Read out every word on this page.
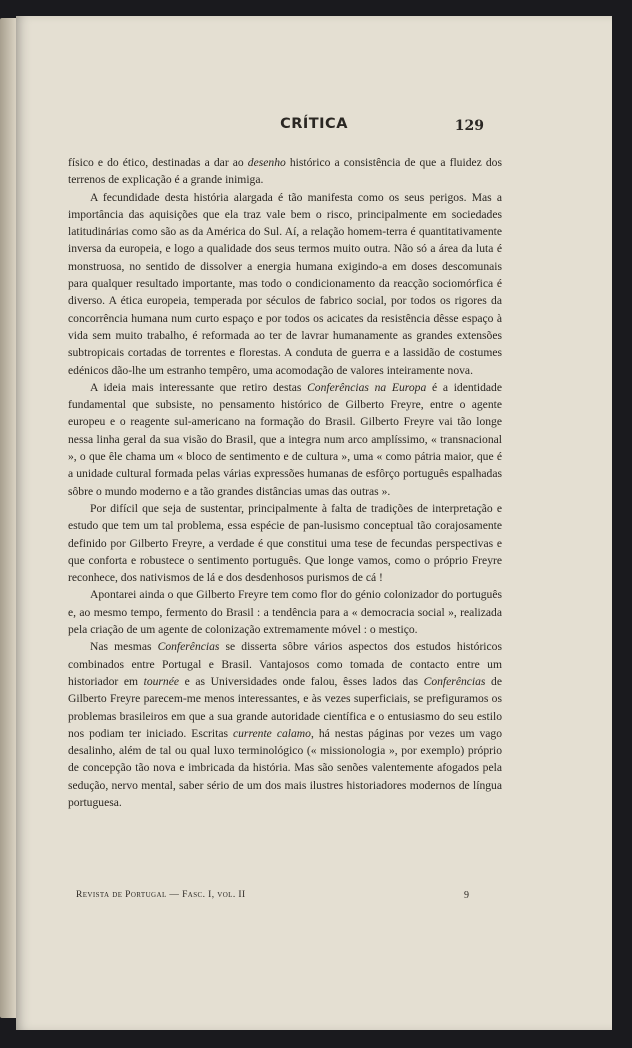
CRÍTICA	129

físico e do ético, destinadas a dar ao desenho histórico a consistência de que a fluidez dos terrenos de explicação é a grande inimiga.

A fecundidade desta história alargada é tão manifesta como os seus perigos. Mas a importância das aquisições que ela traz vale bem o risco, principalmente em sociedades latitudinárias como são as da América do Sul. Aí, a relação homem-terra é quantitativamente inversa da europeia, e logo a qualidade dos seus termos muito outra. Não só a área da luta é monstruosa, no sentido de dissolver a energia humana exigindo-a em doses descomunais para qualquer resultado importante, mas todo o condicionamento da reacção sociomórfica é diverso. A ética europeia, temperada por séculos de fabrico social, por todos os rigores da concorrência humana num curto espaço e por todos os acicates da resistência dêsse espaço à vida sem muito trabalho, é reformada ao ter de lavrar humanamente as grandes extensões subtropicais cortadas de torrentes e florestas. A conduta de guerra e a lassidão de costumes edénicos dão-lhe um estranho tempêro, uma acomodação de valores inteiramente nova.

A ideia mais interessante que retiro destas Conferências na Europa é a identidade fundamental que subsiste, no pensamento histórico de Gilberto Freyre, entre o agente europeu e o reagente sul-americano na formação do Brasil. Gilberto Freyre vai tão longe nessa linha geral da sua visão do Brasil, que a integra num arco amplíssimo, « transnacional », o que êle chama um « bloco de sentimento e de cultura », uma « como pátria maior, que é a unidade cultural formada pelas várias expressões humanas de esfôrço português espalhadas sôbre o mundo moderno e a tão grandes distâncias umas das outras ».

Por difícil que seja de sustentar, principalmente à falta de tradições de interpretação e estudo que tem um tal problema, essa espécie de pan-lusismo conceptual tão corajosamente definido por Gilberto Freyre, a verdade é que constitui uma tese de fecundas perspectivas e que conforta e robustece o sentimento português. Que longe vamos, como o próprio Freyre reconhece, dos nativismos de lá e dos desdenhosos purismos de cá !

Apontarei ainda o que Gilberto Freyre tem como flor do génio colonizador do português e, ao mesmo tempo, fermento do Brasil : a tendência para a « democracia social », realizada pela criação de um agente de colonização extremamente móvel : o mestiço.

Nas mesmas Conferências se disserta sôbre vários aspectos dos estudos históricos combinados entre Portugal e Brasil. Vantajosos como tomada de contacto entre um historiador em tournée e as Universidades onde falou, êsses lados das Conferências de Gilberto Freyre parecem-me menos interessantes, e às vezes superficiais, se prefiguramos os problemas brasileiros em que a sua grande autoridade científica e o entusiasmo do seu estilo nos podiam ter iniciado. Escritas currente calamo, há nestas páginas por vezes um vago desalinho, além de tal ou qual luxo terminológico (« missionologia », por exemplo) próprio de concepção tão nova e imbricada da história. Mas são senões valentemente afogados pela sedução, nervo mental, saber sério de um dos mais ilustres historiadores modernos de língua portuguesa.

Revista de Portugal — Fasc. I, vol. II	9
